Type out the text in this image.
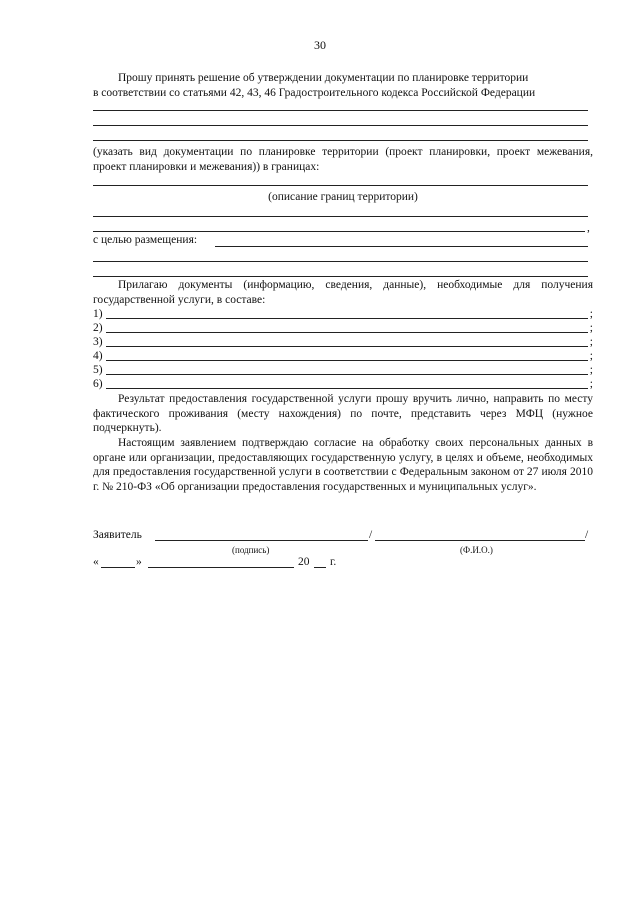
30
Прошу принять решение об утверждении документации по планировке территории
в соответствии со статьями 42, 43, 46 Градостроительного кодекса Российской Федерации
(указать вид документации по планировке территории (проект планировки, проект межевания, проект планировки и межевания)) в границах:
(описание границ территории)
,
с целью размещения:
Прилагаю документы (информацию, сведения, данные), необходимые для получения государственной услуги, в составе:
1)	;
2)	;
3)	;
4)	;
5)	;
6)	;
Результат предоставления государственной услуги прошу вручить лично, направить по месту фактического проживания (месту нахождения) по почте, представить через МФЦ (нужное подчеркнуть).
Настоящим заявлением подтверждаю согласие на обработку своих персональных данных в органе или организации, предоставляющих государственную услугу, в целях и объеме, необходимых для предоставления государственной услуги в соответствии с Федеральным законом от 27 июля 2010 г. № 210-ФЗ «Об организации предоставления государственных и муниципальных услуг».
Заявитель	/	/
(подпись)	(Ф.И.О.)
«	»	20 г.
